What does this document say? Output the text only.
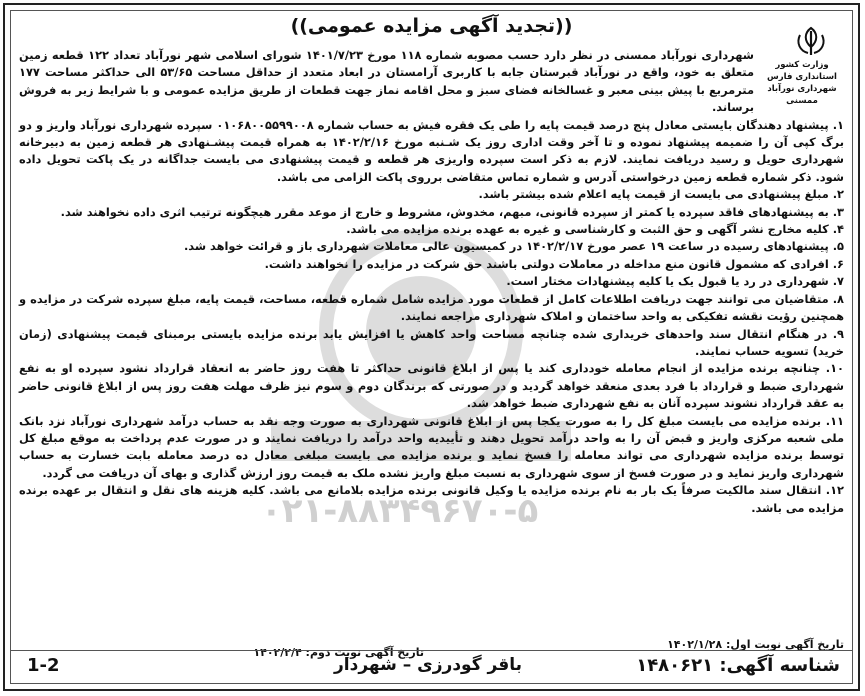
((تجدید آگهی مزایده عمومی))
وزارت کشور
استانداری فارس
شهرداری نورآباد ممسنی
۰۲۱-۸۸۳۴۹۶۷۰-۵

شهرداری نورآباد ممسنی در نظر دارد حسب مصوبه شماره ۱۱۸ مورخ ۱۴۰۱/۷/۲۳ شورای اسلامی شهر نورآباد تعداد ۱۲۲ قطعه زمین متعلق به خود، واقع در نورآباد قبرستان جابه با کاربری آرامستان در ابعاد متعدد از حداقل مساحت ۵۳/۶۵ الی حداکثر مساحت ۱۷۷ مترمربع با پیش بینی معبر و غسالخانه فضای سبز و محل اقامه نماز جهت قطعات از طریق مزایده عمومی و با شرایط زیر به فروش برساند.

۱. پیشنهاد دهندگان بایستی معادل پنج درصد قیمت پایه را طی یک فقره فیش به حساب شماره ۰۱۰۶۸۰۰۵۵۹۹۰۰۸ سپرده شهرداری نورآباد واریز و دو برگ کپی آن را ضمیمه پیشنهاد نموده و تا آخر وقت اداری روز یک شـنبه مورخ ۱۴۰۲/۲/۱۶ به همراه قیمت پیشـنهادی هر قطعه زمین به دبیرخانه شهرداری حویل و رسید دریافت نمایند. لازم به ذکر است سپرده واریزی هر قطعه و قیمت پیشنهادی می بایست جداگانه در یک پاکت تحویل داده شود. ذکر شماره قطعه زمین درخواستی آدرس و شماره تماس متقاضی برروی پاکت الزامی می باشد.

۲. مبلغ پیشنهادی می بایست از قیمت پایه اعلام شده بیشتر باشد.

۳. به پیشنهادهای فاقد سپرده یا کمتر از سپرده قانونی، مبهم، مخدوش، مشروط و خارج از موعد مقرر هیچگونه ترتیب اثری داده نخواهند شد.

۴. کلیه مخارج نشر آگهی و حق الثبت و کارشناسی و غیره به عهده برنده مزایده می باشد.

۵. پیشنهادهای رسیده در ساعت ۱۹ عصر مورخ ۱۴۰۲/۲/۱۷ در کمیسیون عالی معاملات شهرداری باز و قرائت خواهد شد.

۶. افرادی که مشمول قانون منع مداخله در معاملات دولتی باشند حق شرکت در مزایده را نخواهند داشت.

۷. شهرداری در رد یا قبول یک یا کلیه پیشنهادات مختار است.

۸. متقاضیان می توانند جهت دریافت اطلاعات کامل از قطعات مورد مزایده شامل شماره قطعه، مساحت، قیمت پایه، مبلغ سپرده شرکت در مزایده و همچنین رؤیت نقشه تفکیکی به واحد ساختمان و املاک شهرداری مراجعه نمایند.

۹. در هنگام انتقال سند واحدهای خریداری شده چنانچه مساحت واحد کاهش یا افزایش یابد برنده مزایده بایستی برمبنای قیمت پیشنهادی (زمان خرید) تسویه حساب نمایند.

۱۰. چنانچه برنده مزایده از انجام معامله خودداری کند یا پس از ابلاغ قانونی حداکثر تا هفت روز حاضر به انعقاد قرارداد نشود سپرده او به نفع شهرداری ضبط و قرارداد با فرد بعدی منعقد خواهد گردید و در صورتی که برندگان دوم و سوم نیز ظرف مهلت هفت روز پس از ابلاغ قانونی حاضر به عقد قرارداد نشوند سپرده آنان به نفع شهرداری ضبط خواهد شد.

۱۱. برنده مزایده می بایست مبلغ کل را به صورت یکجا پس از ابلاغ قانونی شهرداری به صورت وجه نقد به حساب درآمد شهرداری نورآباد نزد بانک ملی شعبه مرکزی واریز و قبض آن را به واحد درآمد تحویل دهند و تأییدیه واحد درآمد را دریافت نمایند و در صورت عدم پرداخت به موقع مبلغ کل توسط برنده مزایده شهرداری می تواند معامله را فسخ نماید و برنده مزایده می بایست مبلغی معادل ده درصد معامله بابت خسارت به حساب شهرداری واریز نماید و در صورت فسخ از سوی شهرداری به نسبت مبلغ واریز نشده ملک به قیمت روز ارزش گذاری و بهای آن دریافت می گردد.

۱۲. انتقال سند مالکیت صرفاً یک بار به نام برنده مزایده یا وکیل قانونی برنده مزایده بلامانع می باشد. کلیه هزینه های نقل و انتقال بر عهده برنده مزایده می باشد.

تاریخ آگهی نوبت اول: ۱۴۰۲/۱/۲۸
تاریخ آگهی نوبت دوم: ۱۴۰۲/۲/۴
شناسه آگهی: ۱۴۸۰۶۲۱
باقر گودرزی – شهردار
1-2
